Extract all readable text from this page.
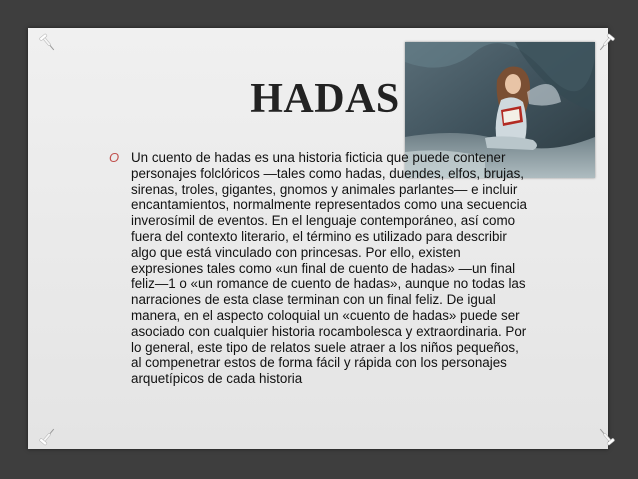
HADAS
O Un cuento de hadas es una historia ficticia que puede contener personajes folclóricos —tales como hadas, duendes, elfos, brujas, sirenas, troles, gigantes, gnomos y animales parlantes— e incluir encantamientos, normalmente representados como una secuencia inverosímil de eventos. En el lenguaje contemporáneo, así como fuera del contexto literario, el término es utilizado para describir algo que está vinculado con princesas. Por ello, existen expresiones tales como «un final de cuento de hadas» —un final feliz—1 o «un romance de cuento de hadas», aunque no todas las narraciones de esta clase terminan con un final feliz. De igual manera, en el aspecto coloquial un «cuento de hadas» puede ser asociado con cualquier historia rocambolesca y extraordinaria. Por lo general, este tipo de relatos suele atraer a los niños pequeños, al compenetrar estos de forma fácil y rápida con los personajes arquetípicos de cada historia
